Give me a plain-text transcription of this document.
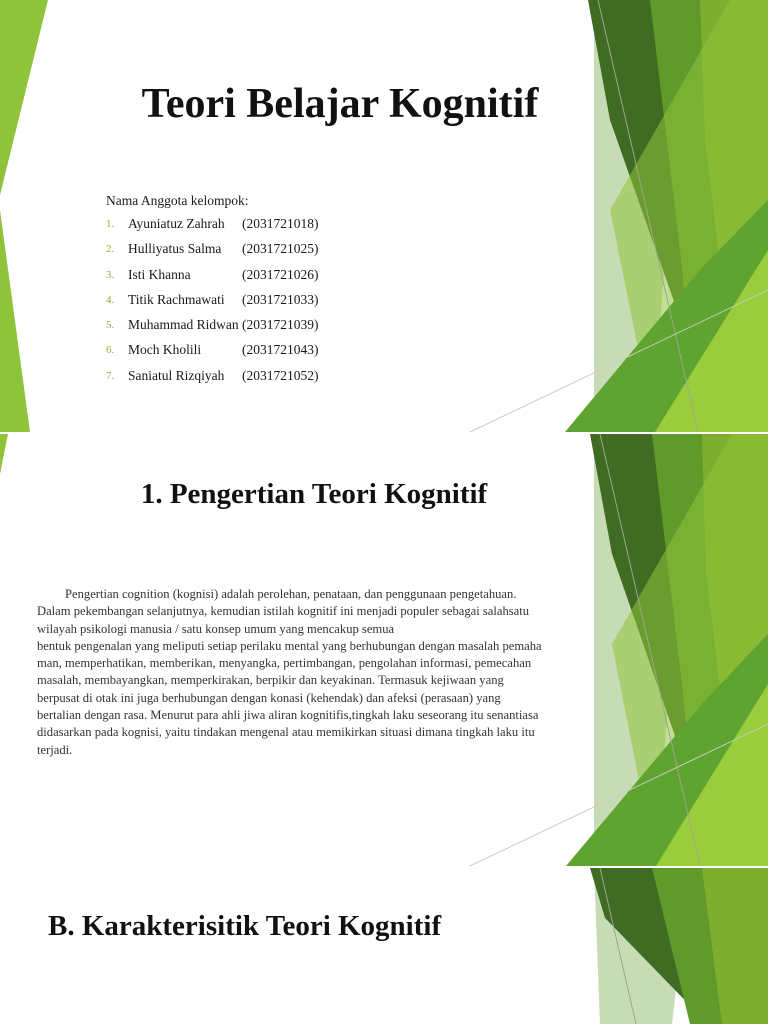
Teori Belajar Kognitif

Nama Anggota kelompok:

1.	Ayuniatuz Zahrah	(2031721018)
2.	Hulliyatus Salma	(2031721025)
3.	Isti Khanna	(2031721026)
4.	Titik Rachmawati	(2031721033)
5.	Muhammad Ridwan (2031721039)
6.	Moch Kholili	(2031721043)
7.	Saniatul Rizqiyah	(2031721052)
1. Pengertian Teori Kognitif

Pengertian cognition (kognisi) adalah perolehan, penataan, dan penggunaan pengetahuan.
Dalam pekembangan selanjutnya, kemudian istilah kognitif ini menjadi populer sebagai salahsatu
wilayah psikologi manusia / satu konsep umum yang mencakup semua
bentuk pengenalan yang meliputi setiap perilaku mental yang berhubungan dengan masalah pemaha
man, memperhatikan, memberikan, menyangka, pertimbangan, pengolahan informasi, pemecahan
masalah, membayangkan, memperkirakan, berpikir dan keyakinan. Termasuk kejiwaan yang
berpusat di otak ini juga berhubungan dengan konasi (kehendak) dan afeksi (perasaan) yang
bertalian dengan rasa. Menurut para ahli jiwa aliran kognitifis,tingkah laku seseorang itu senantiasa
didasarkan pada kognisi, yaitu tindakan mengenal atau memikirkan situasi dimana tingkah laku itu
terjadi.

B. Karakterisitik Teori Kognitif
